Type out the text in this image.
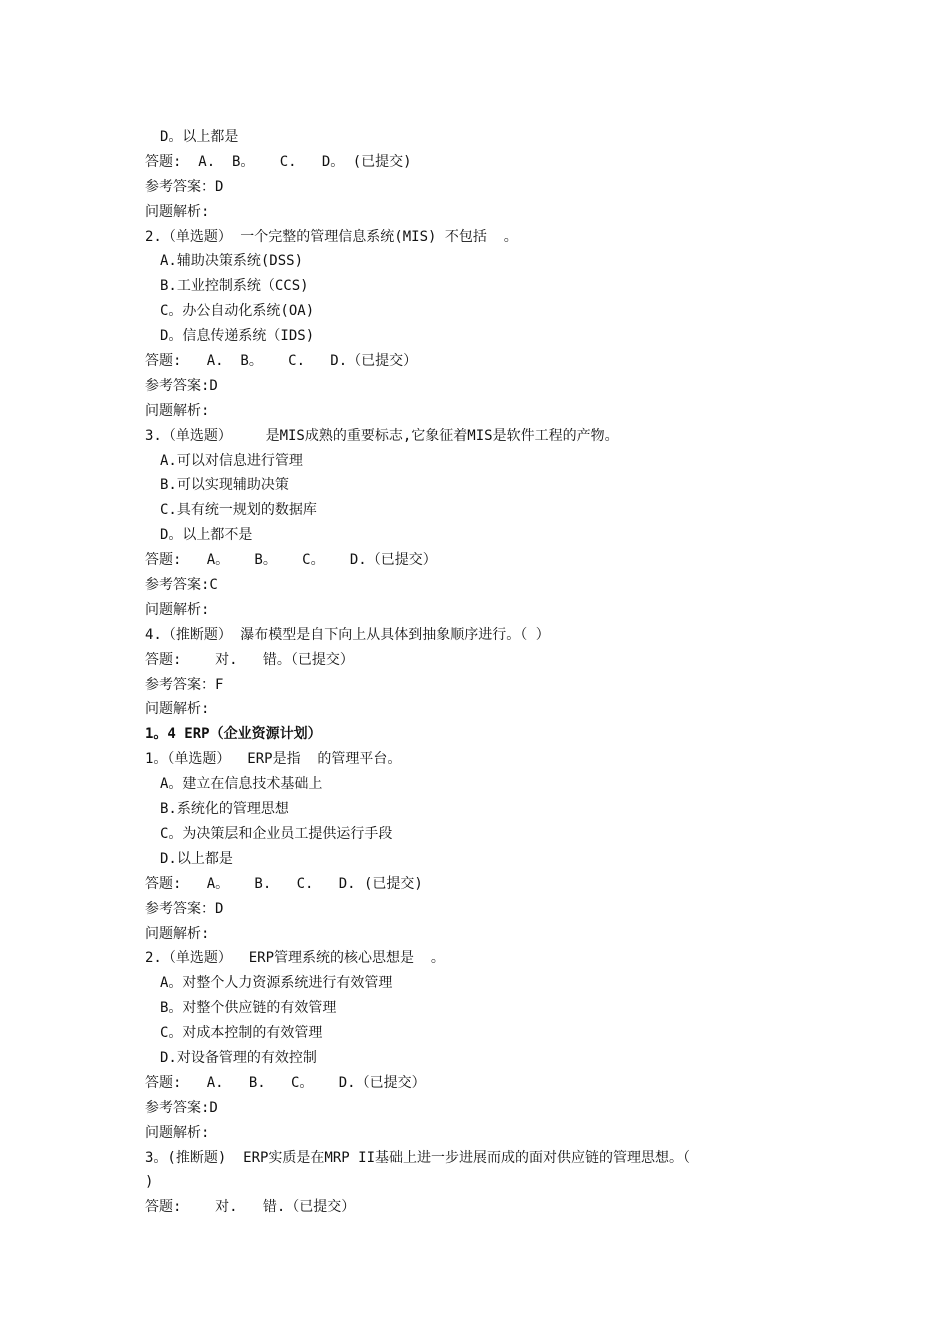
D。以上都是
答题:  A.  B。   C.   D。 (已提交)
参考答案：D
问题解析:
2.（单选题） 一个完整的管理信息系统(MIS) 不包括  。
A.辅助决策系统(DSS)
B.工业控制系统（CCS)
C。办公自动化系统(OA)
D。信息传递系统（IDS)
答题:   A.  B。   C.   D.（已提交）
参考答案:D
问题解析:
3.（单选题）    是MIS成熟的重要标志,它象征着MIS是软件工程的产物。
A.可以对信息进行管理
B.可以实现辅助决策
C.具有统一规划的数据库
D。以上都不是
答题:   A。   B。   C。   D.（已提交）
参考答案:C
问题解析:
4.（推断题） 瀑布模型是自下向上从具体到抽象顺序进行。（ ）
答题:    对.   错。（已提交）
参考答案：F
问题解析:
1。4 ERP（企业资源计划）
1。（单选题）  ERP是指  的管理平台。
A。建立在信息技术基础上
B.系统化的管理思想
C。为决策层和企业员工提供运行手段
D.以上都是
答题:   A。   B.   C.   D. (已提交)
参考答案：D
问题解析:
2.（单选题）  ERP管理系统的核心思想是  。
A。对整个人力资源系统进行有效管理
B。对整个供应链的有效管理
C。对成本控制的有效管理
D.对设备管理的有效控制
答题:   A.   B.   C。   D.（已提交）
参考答案:D
问题解析:
3。(推断题)  ERP实质是在MRP II基础上进一步进展而成的面对供应链的管理思想。（
)
答题:    对.   错.（已提交）
